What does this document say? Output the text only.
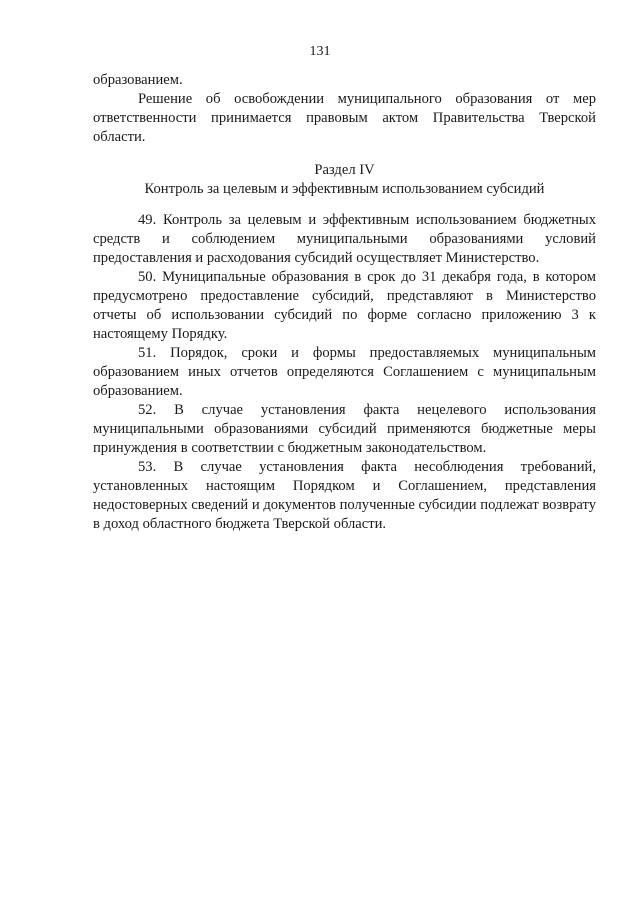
131

образованием.

Решение об освобождении муниципального образования от мер ответственности принимается правовым актом Правительства Тверской области.

Раздел IV

Контроль за целевым и эффективным использованием субсидий

49. Контроль за целевым и эффективным использованием бюджетных средств и соблюдением муниципальными образованиями условий предоставления и расходования субсидий осуществляет Министерство.

50. Муниципальные образования в срок до 31 декабря года, в котором предусмотрено предоставление субсидий, представляют в Министерство отчеты об использовании субсидий по форме согласно приложению 3 к настоящему Порядку.

51. Порядок, сроки и формы предоставляемых муниципальным образованием иных отчетов определяются Соглашением с муниципальным образованием.

52. В случае установления факта нецелевого использования муниципальными образованиями субсидий применяются бюджетные меры принуждения в соответствии с бюджетным законодательством.

53. В случае установления факта несоблюдения требований, установленных настоящим Порядком и Соглашением, представления недостоверных сведений и документов полученные субсидии подлежат возврату в доход областного бюджета Тверской области.
